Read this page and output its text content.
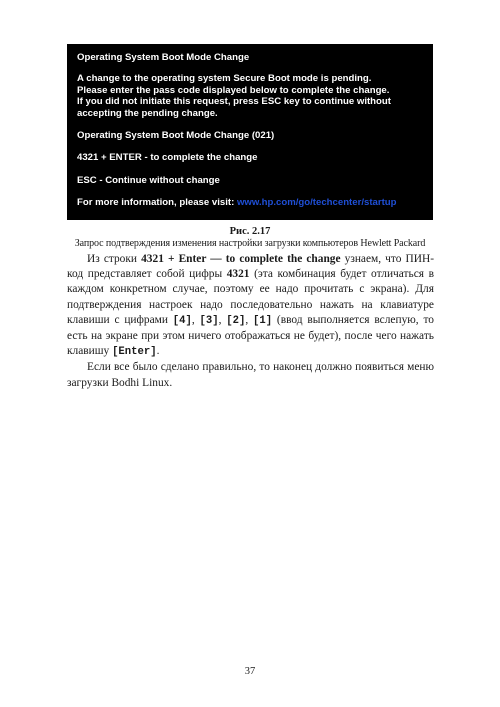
Operating System Boot Mode Change
A change to the operating system Secure Boot mode is pending.
Please enter the pass code displayed below to complete the change.
If you did not initiate this request, press ESC key to continue without
accepting the pending change.
Operating System Boot Mode Change (021)
4321 + ENTER - to complete the change
ESC - Continue without change
For more information, please visit: www.hp.com/go/techcenter/startup
Рис. 2.17
Запрос подтверждения изменения настройки загрузки компьютеров Hewlett Packard

Из строки 4321 + Enter — to complete the change узнаем, что ПИН-код представляет собой цифры 4321 (эта комбинация будет отличаться в каждом конкретном случае, поэтому ее надо прочитать с экрана). Для подтверждения настроек надо последовательно нажать на клавиатуре клавиши с цифрами [4], [3], [2], [1] (ввод выполняется вслепую, то есть на экране при этом ничего отображаться не будет), после чего нажать клавишу [Enter].

Если все было сделано правильно, то наконец должно появиться меню загрузки Bodhi Linux.

37
